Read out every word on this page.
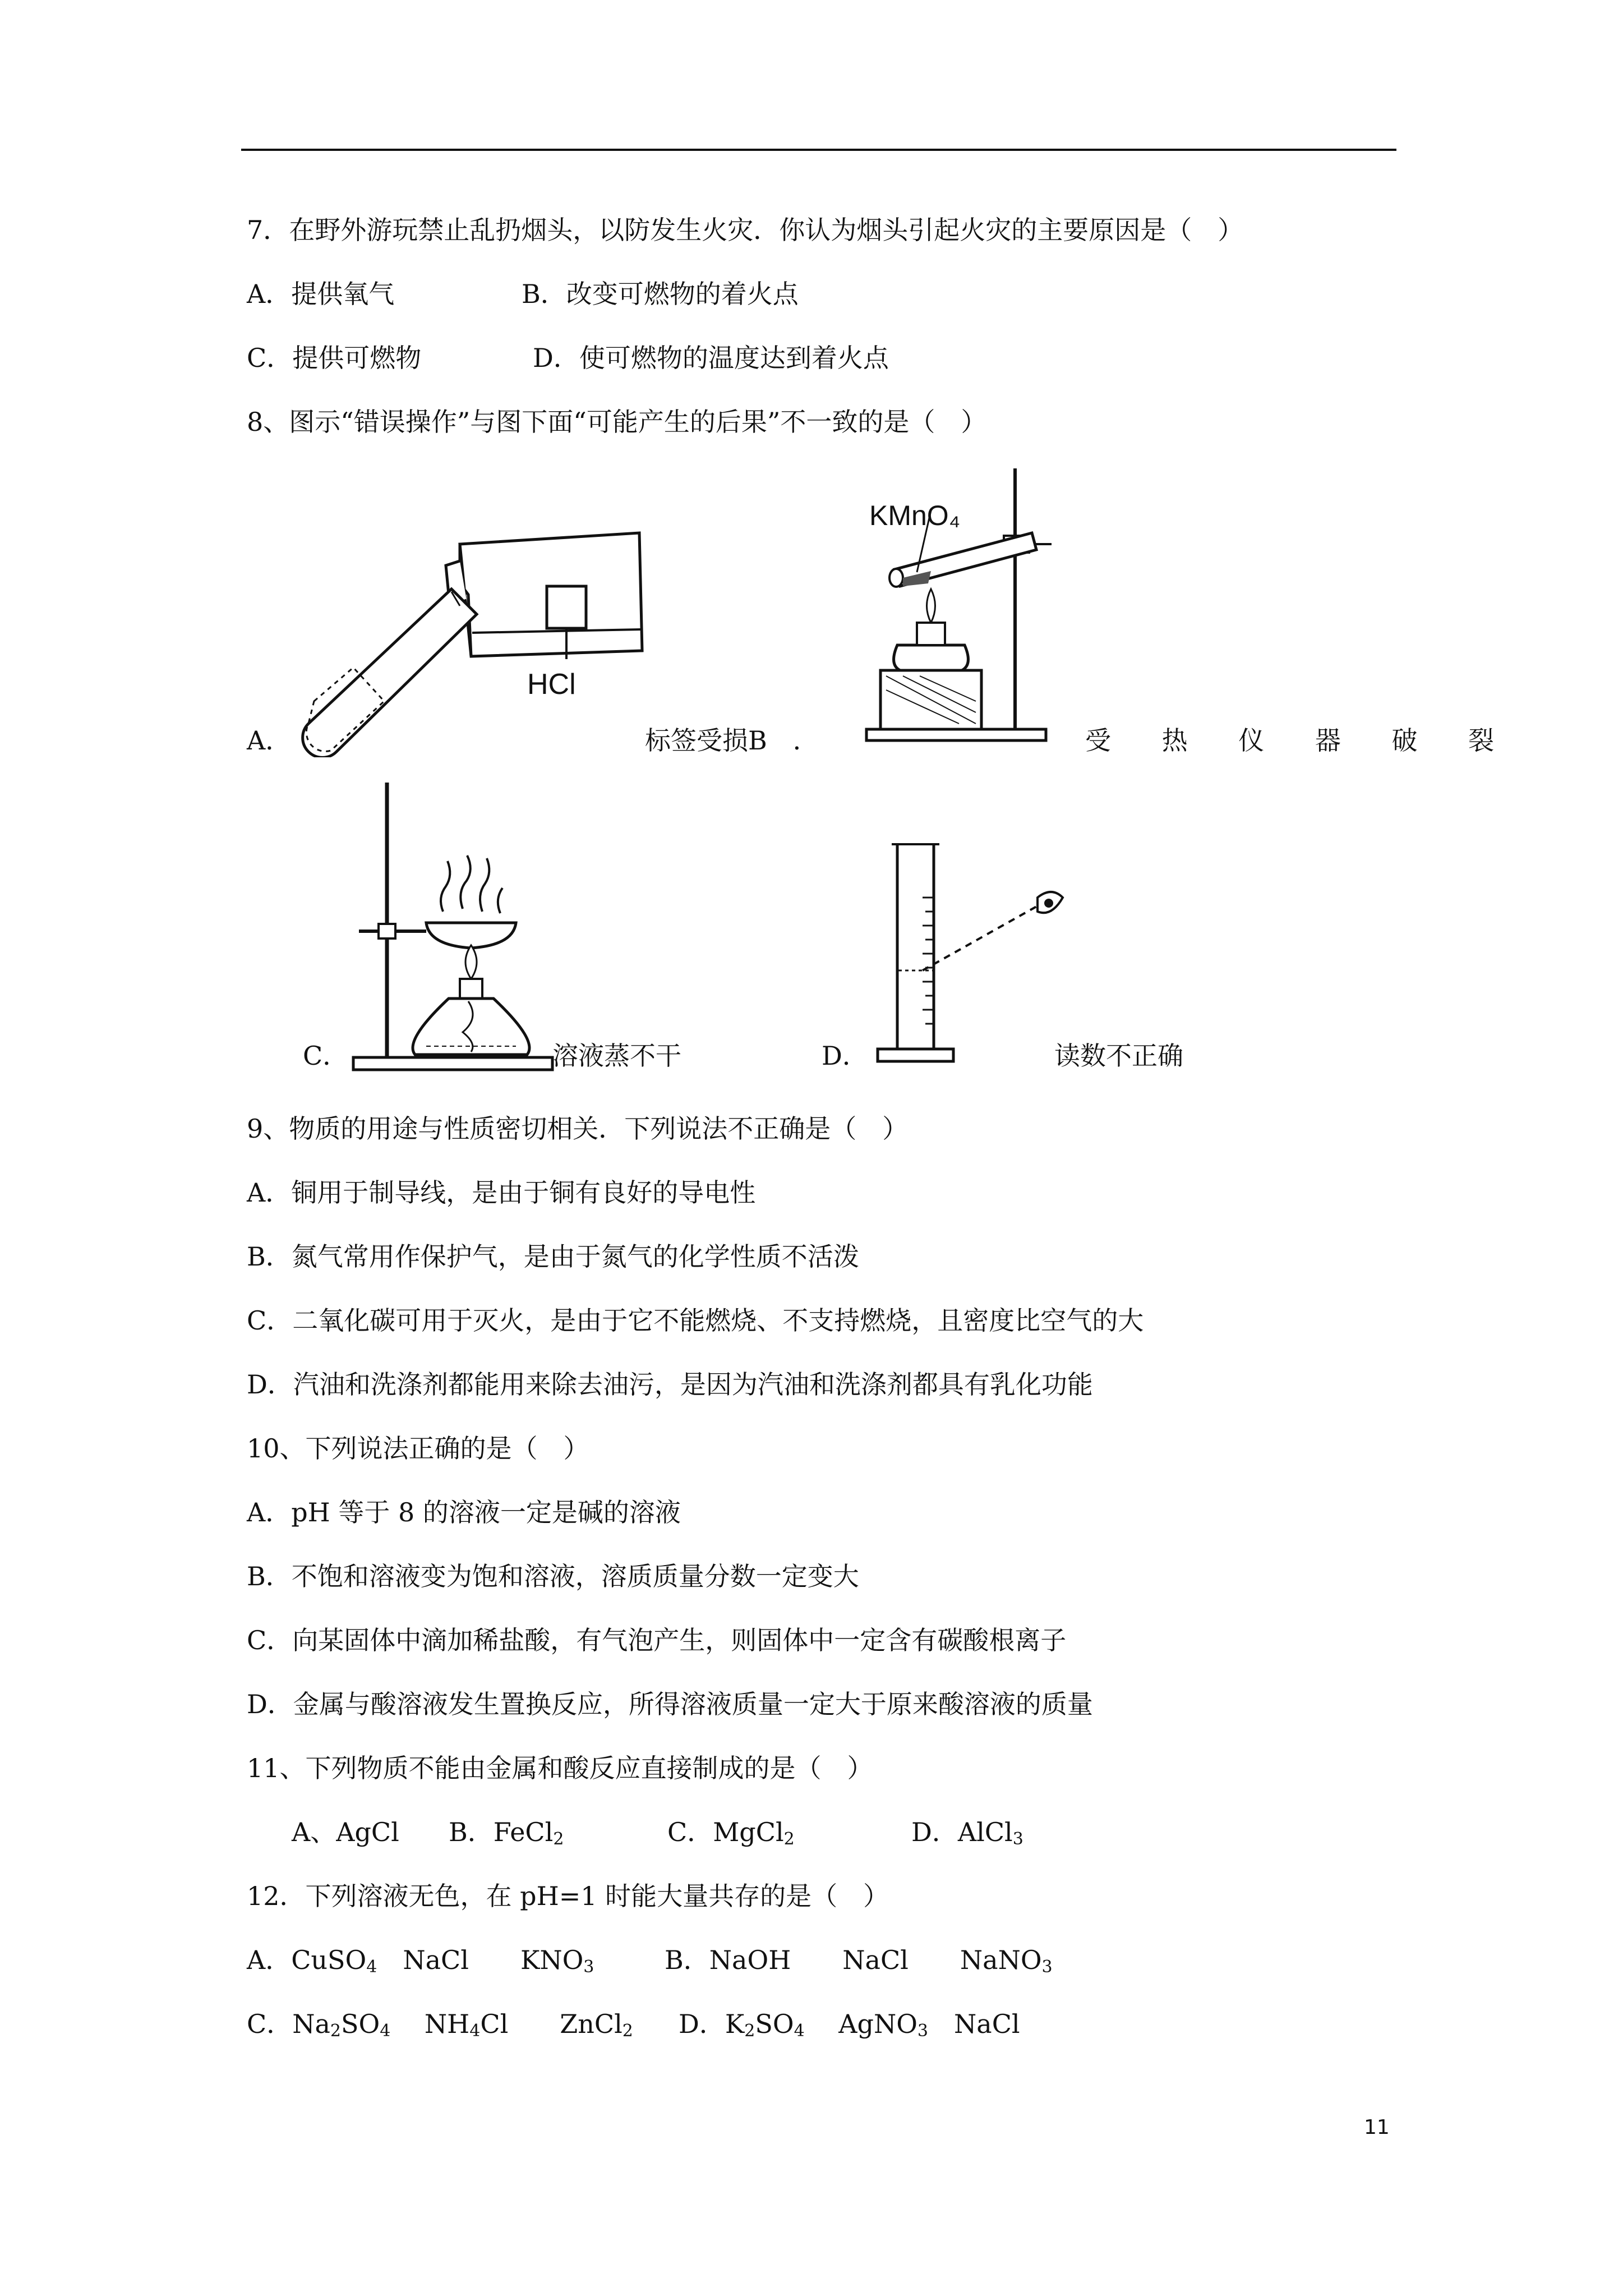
7．在野外游玩禁止乱扔烟头，以防发生火灾．你认为烟头引起火灾的主要原因是（　）
A．提供氧气	B．改变可燃物的着火点
C．提供可燃物	D．使可燃物的温度达到着火点
8、图示“错误操作”与图下面“可能产生的后果”不一致的是（　）
HCl
A．	标签受损B　．
KMnO₄
受 热 仪 器 破 裂
C．	溶液蒸不干	D．	读数不正确
9、物质的用途与性质密切相关．下列说法不正确是（　）
A．铜用于制导线，是由于铜有良好的导电性
B．氮气常用作保护气，是由于氮气的化学性质不活泼
C．二氧化碳可用于灭火，是由于它不能燃烧、不支持燃烧，且密度比空气的大
D．汽油和洗涤剂都能用来除去油污，是因为汽油和洗涤剂都具有乳化功能
10、下列说法正确的是（　）
A．pH 等于 8 的溶液一定是碱的溶液
B．不饱和溶液变为饱和溶液，溶质质量分数一定变大
C．向某固体中滴加稀盐酸，有气泡产生，则固体中一定含有碳酸根离子
D．金属与酸溶液发生置换反应，所得溶液质量一定大于原来酸溶液的质量
11、下列物质不能由金属和酸反应直接制成的是（　）
A、AgCl B．FeCl$_2$	C．MgCl$_2$	D．AlCl$_3$
12．下列溶液无色，在 pH=1 时能大量共存的是（　）
A．CuSO$_4$　NaCl　　$KNO_3$	B．NaOH　　NaCl　　NaNO$_3$
C．$Na_2SO_4$　 $NH_4Cl$　　ZnCl$_2$ D．$K_2SO_4$　 AgNO$_3$　NaCl
11
